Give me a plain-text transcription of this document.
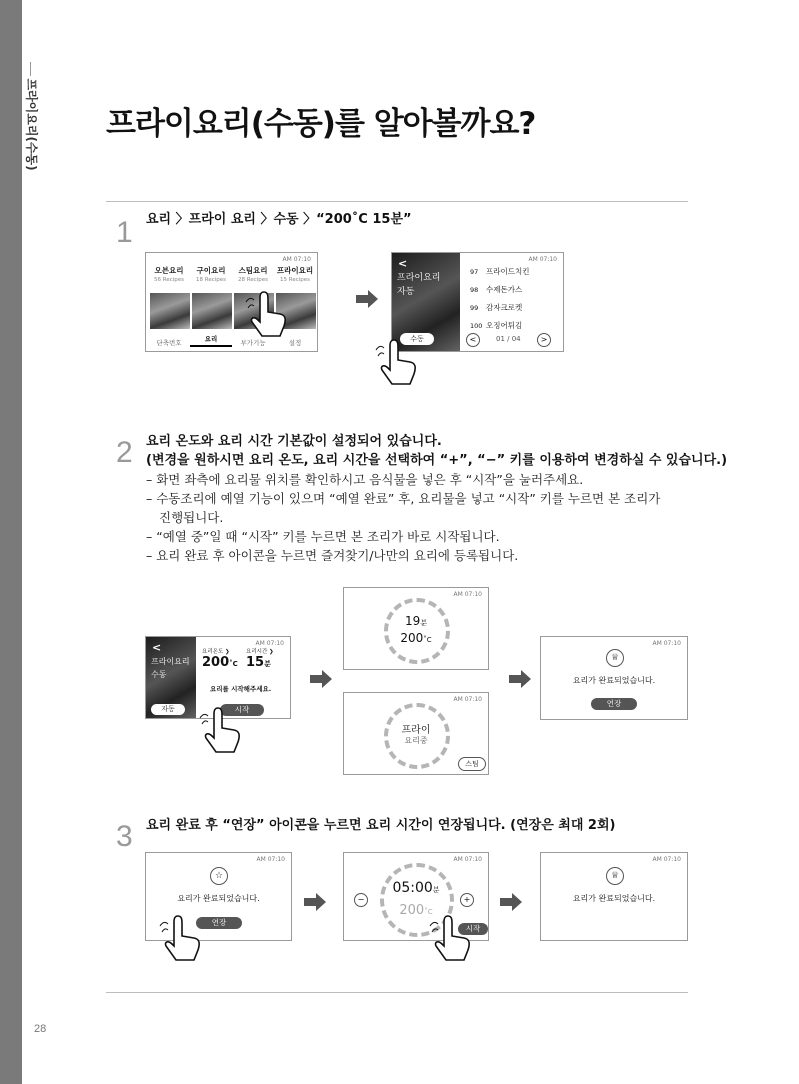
프라이요리(수동) 프라이요리(수동)를 알아볼까요?
1 요리 〉프라이 요리 〉수동 〉“200˚C 15분”
AM 07:10
오븐요리
56 Recipes
구이요리
18 Recipes
스팀요리
28 Recipes
프라이요리
15 Recipes
단축번호	요리	부가기능	설정
<
프라이요리
자동
수동
AM 07:10
97 프라이드치킨
98 수제돈가스
99 감자크로켓
100 오징어튀김
<	01 / 04	>
2 요리 온도와 요리 시간 기본값이 설정되어 있습니다.
(변경을 원하시면 요리 온도, 요리 시간을 선택하여 “+”, “−” 키를 이용하여 변경하실 수 있습니다.)
– 화면 좌측에 요리물 위치를 확인하시고 음식물을 넣은 후 “시작”을 눌러주세요.
– 수동조리에 예열 기능이 있으며 “예열 완료” 후, 요리물을 넣고 “시작” 키를 누르면 본 조리가
진행됩니다.
– “예열 중”일 때 “시작” 키를 누르면 본 조리가 바로 시작됩니다.
– 요리 완료 후 아이콘을 누르면 즐겨찾기/나만의 요리에 등록됩니다.
<
프라이요리
수동
자동
AM 07:10
요리온도 ❯
200˚C
요리시간 ❯
15분
요리를 시작해주세요.
시작
AM 07:10
19분
200˚C
AM 07:10
프라이
요리중
스팀
AM 07:10
♕
요리가 완료되었습니다.
연장
3 요리 완료 후 “연장” 아이콘을 누르면 요리 시간이 연장됩니다. (연장은 최대 2회)
AM 07:10
☆
요리가 완료되었습니다.
연장
AM 07:10
05:00분
200˚C
−	+
시작
AM 07:10
♕
요리가 완료되었습니다.
28
